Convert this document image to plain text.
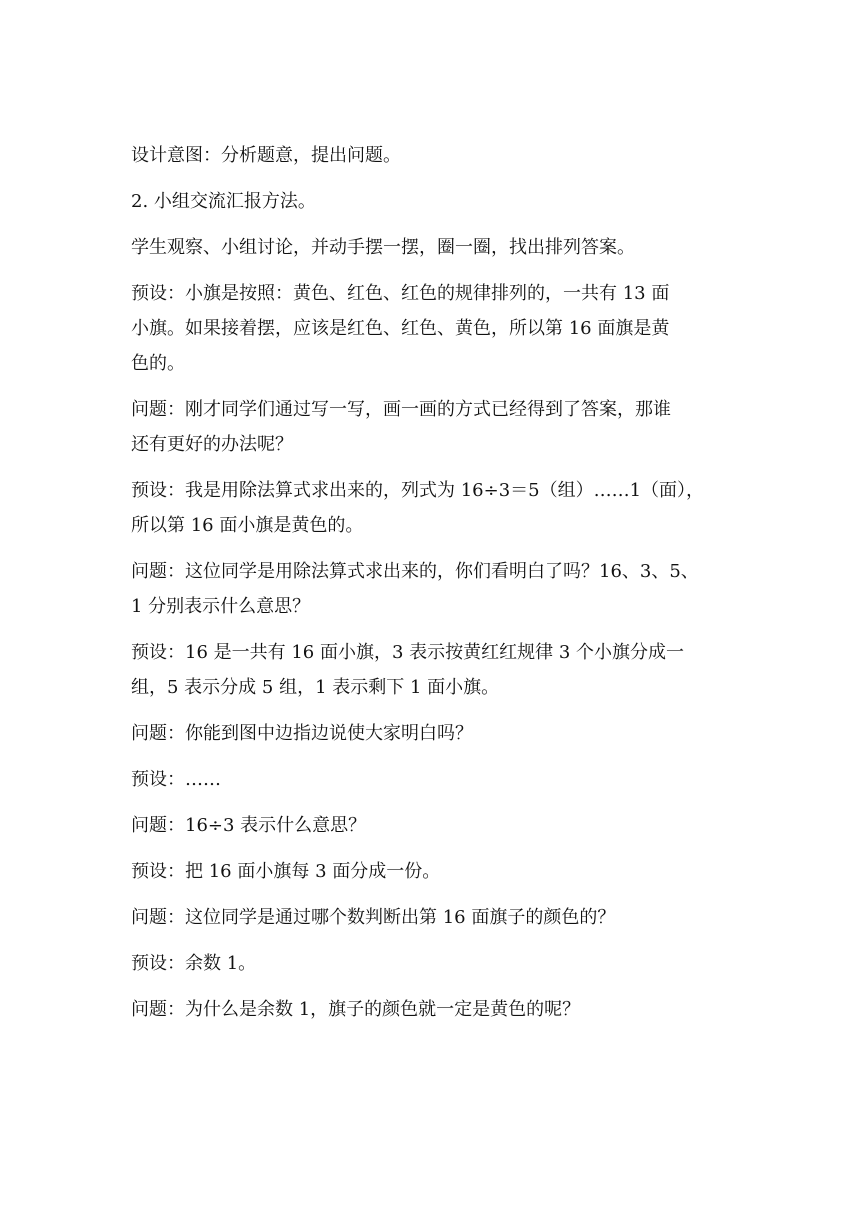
设计意图：分析题意，提出问题。

2. 小组交流汇报方法。

学生观察、小组讨论，并动手摆一摆，圈一圈，找出排列答案。

预设：小旗是按照：黄色、红色、红色的规律排列的，一共有 13 面
小旗。如果接着摆，应该是红色、红色、黄色，所以第 16 面旗是黄
色的。

问题：刚才同学们通过写一写，画一画的方式已经得到了答案，那谁
还有更好的办法呢？

预设：我是用除法算式求出来的，列式为 16÷3＝5（组）……1（面），
所以第 16 面小旗是黄色的。

问题：这位同学是用除法算式求出来的，你们看明白了吗？16、3、5、
1 分别表示什么意思？

预设：16 是一共有 16 面小旗，3 表示按黄红红规律 3 个小旗分成一
组，5 表示分成 5 组，1 表示剩下 1 面小旗。

问题：你能到图中边指边说使大家明白吗？

预设：……

问题：16÷3 表示什么意思？

预设：把 16 面小旗每 3 面分成一份。

问题：这位同学是通过哪个数判断出第 16 面旗子的颜色的？

预设：余数 1。

问题：为什么是余数 1，旗子的颜色就一定是黄色的呢？
